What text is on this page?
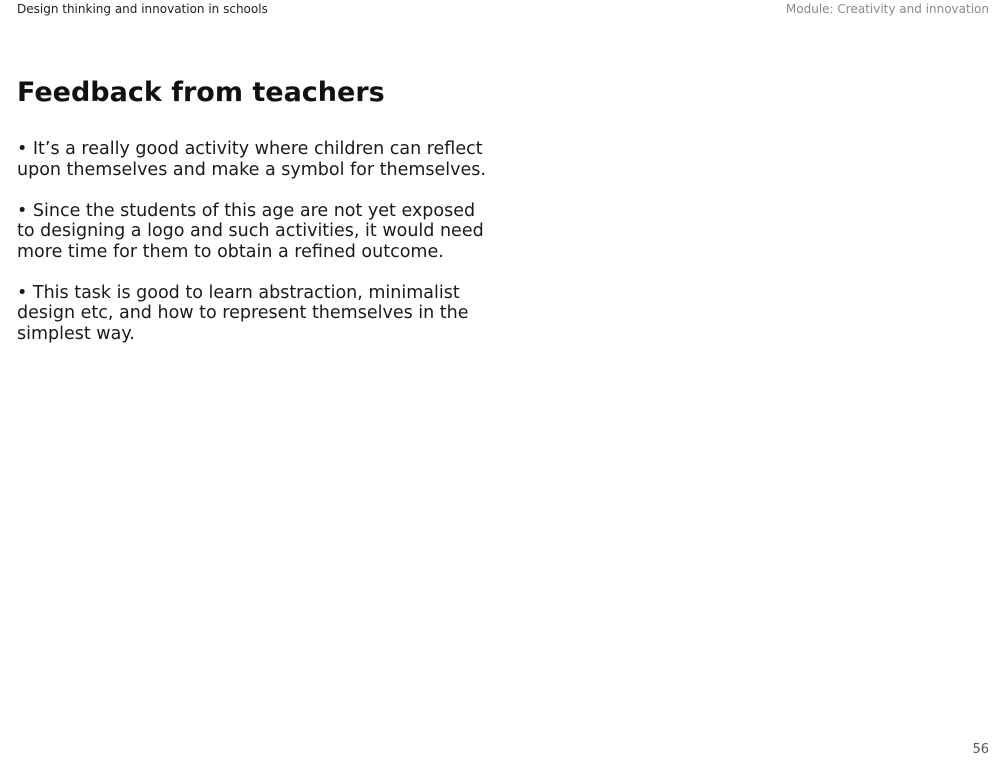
Design thinking and innovation in schools	Module: Creativity and innovation
Feedback from teachers
• It’s a really good activity where children can reflect upon themselves and make a symbol for themselves.
• Since the students of this age are not yet exposed to designing a logo and such activities, it would need more time for them to obtain a refined outcome.
• This task is good to learn abstraction, minimalist design etc, and how to represent themselves in the simplest way.
56
